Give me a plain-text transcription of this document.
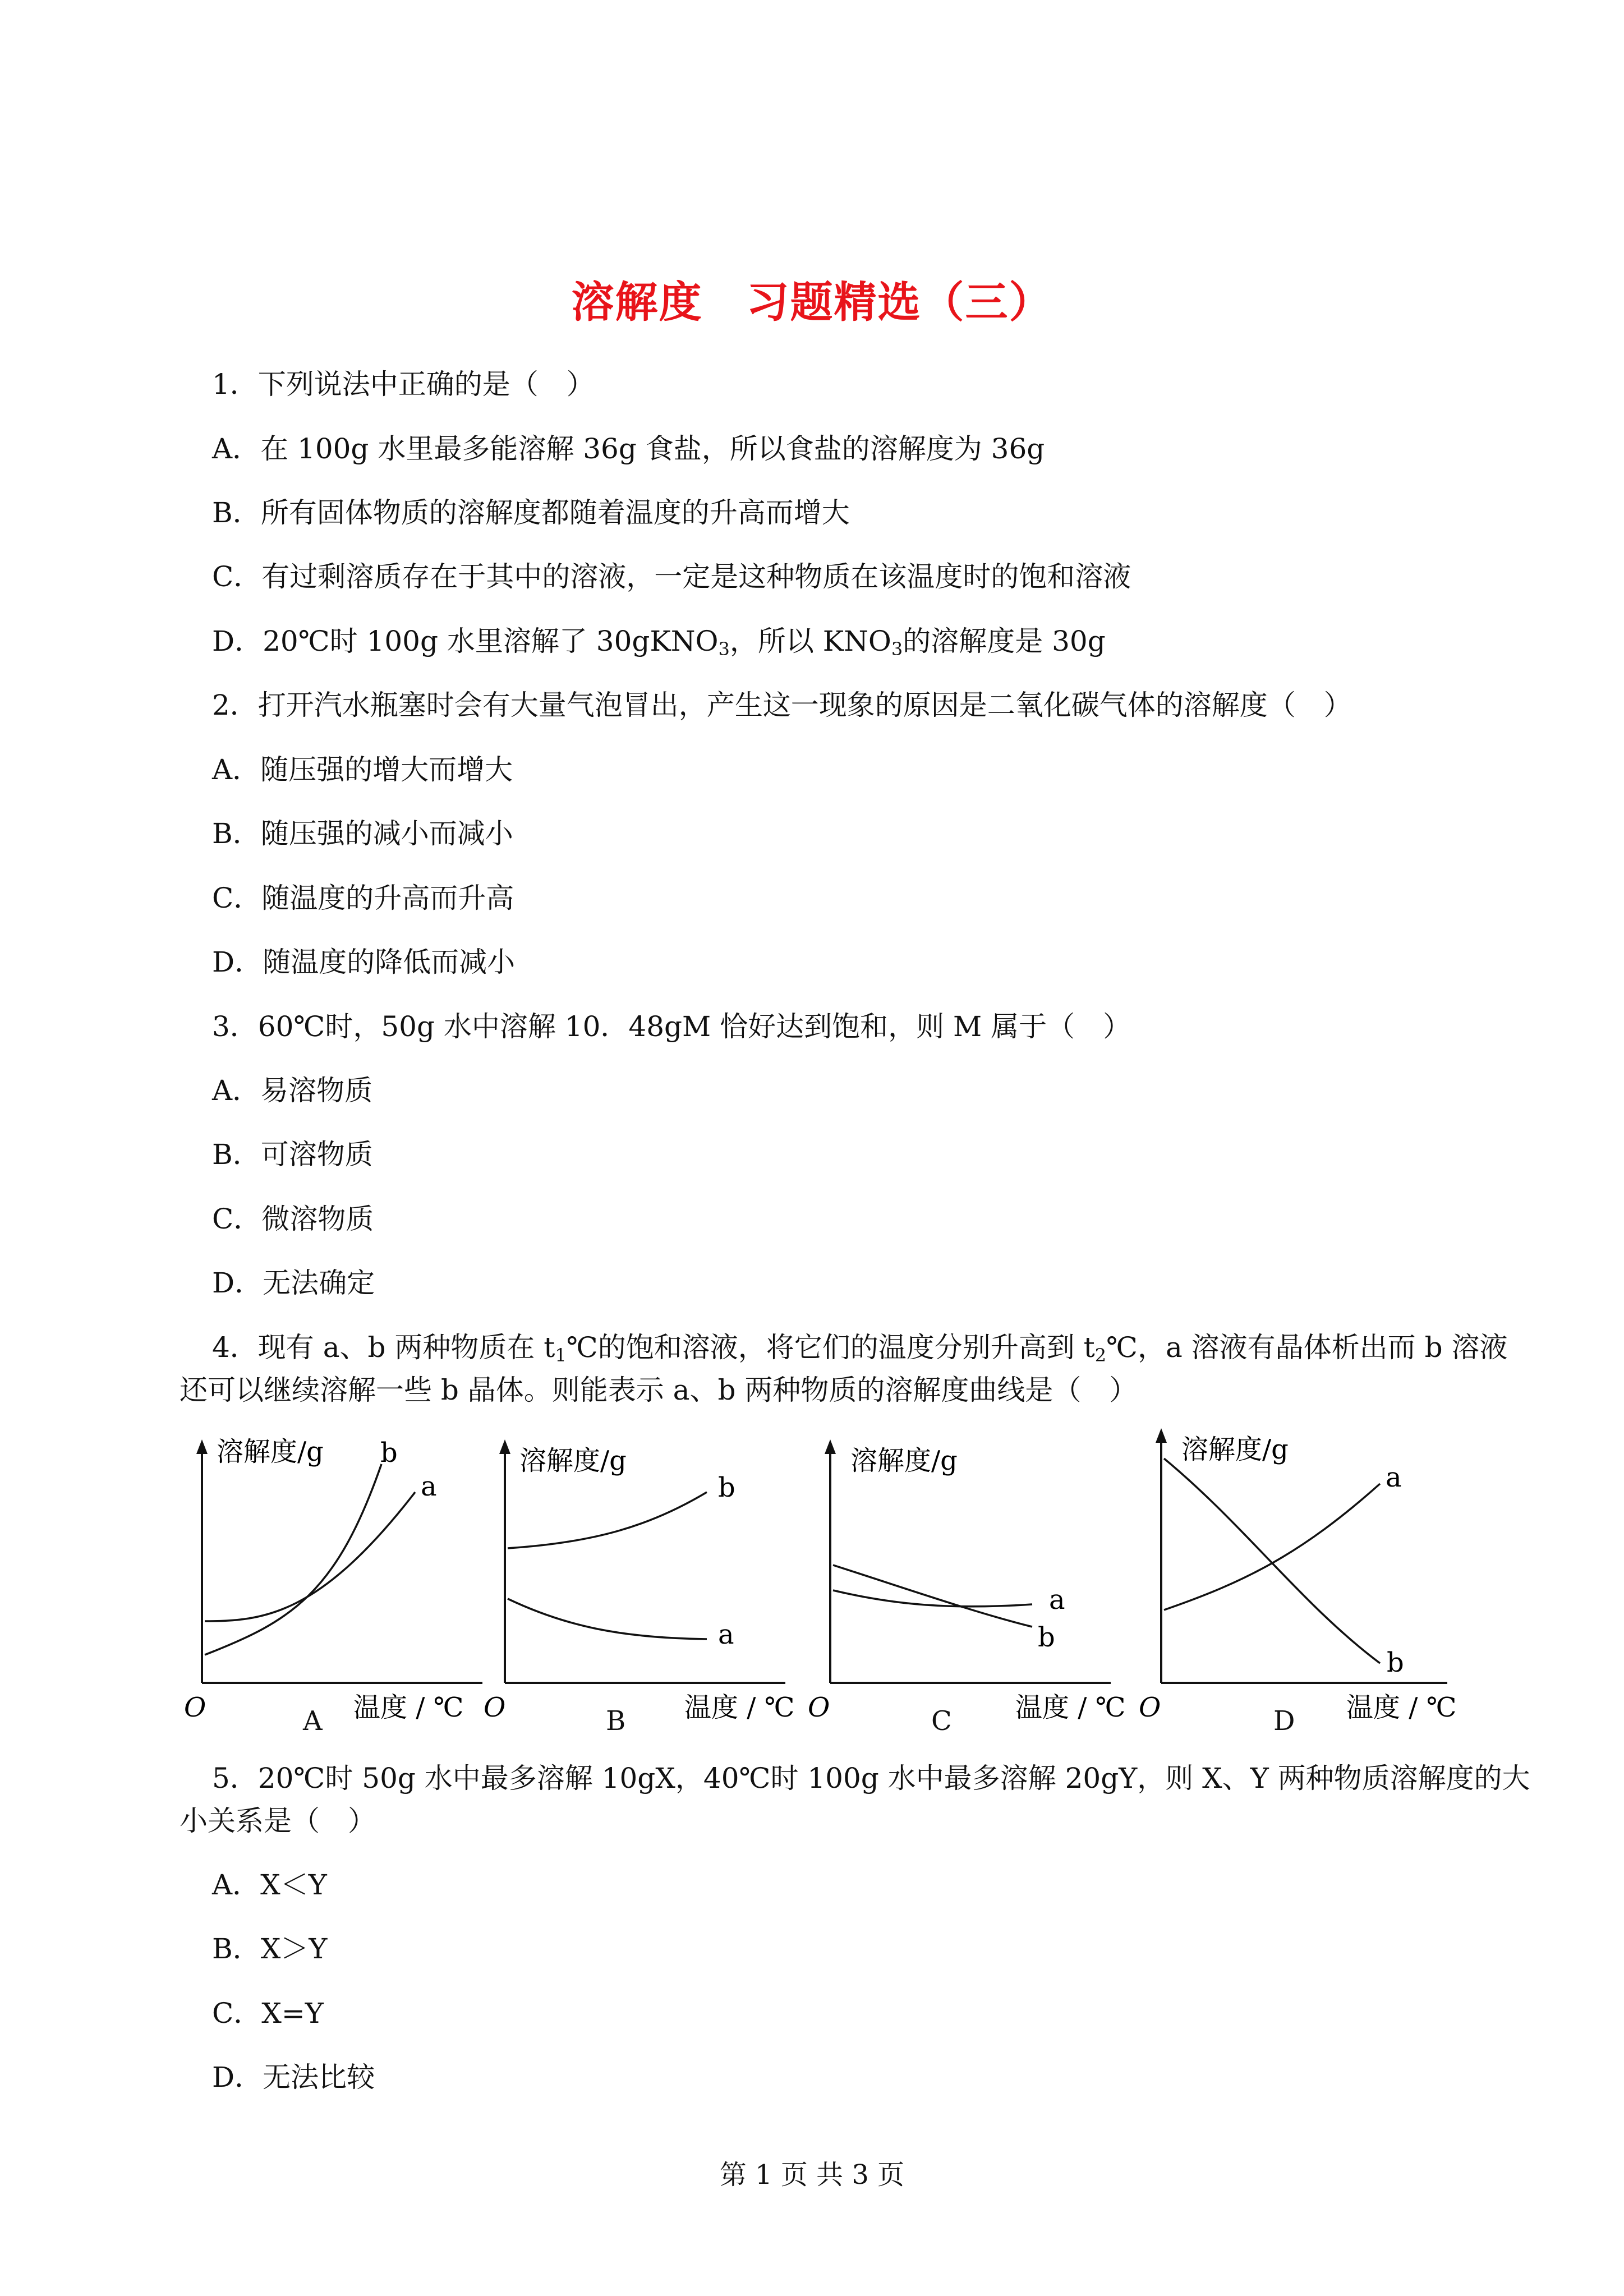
溶解度　习题精选（三）
1．下列说法中正确的是（　）
A．在 100g 水里最多能溶解 36g 食盐，所以食盐的溶解度为 36g
B．所有固体物质的溶解度都随着温度的升高而增大
C．有过剩溶质存在于其中的溶液，一定是这种物质在该温度时的饱和溶液
D．20℃时 100g 水里溶解了 30gKNO$_3$，所以 $KNO_3$的溶解度是 30g
2．打开汽水瓶塞时会有大量气泡冒出，产生这一现象的原因是二氧化碳气体的溶解度（　）
A．随压强的增大而增大
B．随压强的减小而减小
C．随温度的升高而升高
D．随温度的降低而减小
3．60℃时，50g 水中溶解 10．48gM 恰好达到饱和，则 M 属于（　）
A．易溶物质
B．可溶物质
C．微溶物质
D．无法确定
4．现有 a、b 两种物质在 $t_1℃$的饱和溶液，将它们的温度分别升高到 $t_2℃$，a 溶液有晶体析出而 b 溶液
还可以继续溶解一些 b 晶体。则能表示 a、b 两种物质的溶解度曲线是（　）
溶解度/g
O	温度 / ℃
a
b
A
溶解度/g
O	温度 / ℃
b
a
B
溶解度/g
O	温度 / ℃
a
b
C
溶解度/g
O	温度 / ℃
a
b
D
5．20℃时 50g 水中最多溶解 10gX，40℃时 100g 水中最多溶解 20gY，则 X、Y 两种物质溶解度的大
小关系是（　）
A．X＜Y
B．X＞Y
C．X=Y
D．无法比较
第 1 页 共 3 页
